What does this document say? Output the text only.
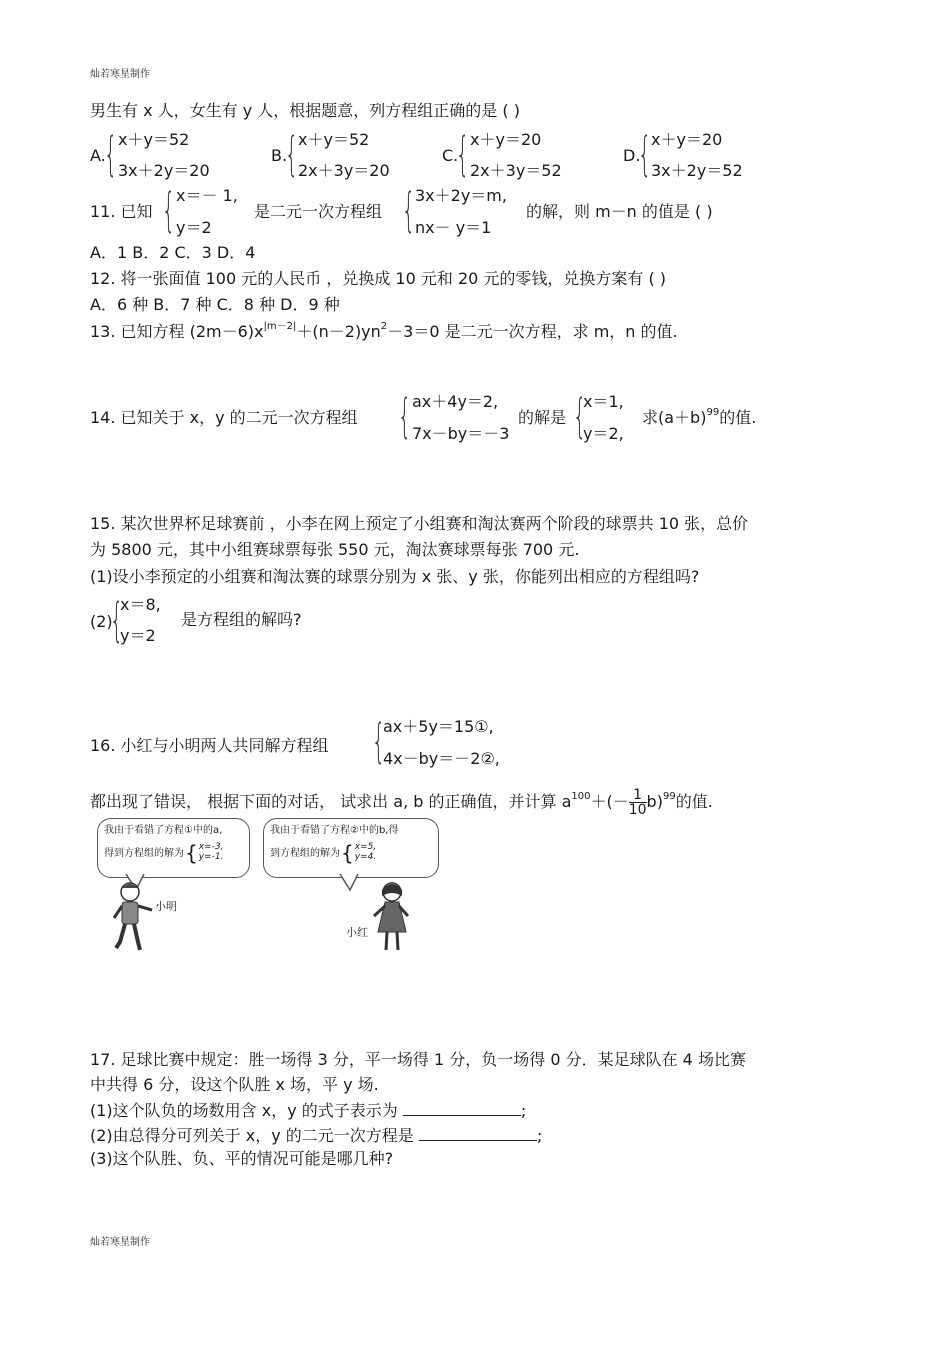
灿若寒星制作
灿若寒星制作
男生有 x 人，女生有 y 人，根据题意，列方程组正确的是 ( )
A.
{ x＋y＝52
3x＋2y＝20
B.
{ x＋y＝52
2x＋3y＝20
C.
{ x＋y＝20
2x＋3y＝52
D.
{ x＋y＝20
3x＋2y＝52
11. 已知 { x＝－ 1,
y＝2
是二元一次方程组 { 3x＋2y＝m,
nx－ y＝1
的解，则 m－n 的值是 ( )
A．1 B．2 C．3 D．4
12. 将一张面值 100 元的人民币 ，兑换成 10 元和 20 元的零钱，兑换方案有 ( )
A．6 种 B．7 种 C．8 种 D．9 种
13. 已知方程 $(2m-6)x^{|m-2|}+(n-2)yn^2-3=0$ 是二元一次方程，求 m，n 的值.
14. 已知关于 x，y 的二元一次方程组 { ax＋4y＝2,
7x－by＝－3
的解是 {
x＝1,
y＝2,
求$(a+b)^{99}$的值.
15. 某次世界杯足球赛前 ，小李在网上预定了小组赛和淘汰赛两个阶段的球票共 10 张，总价
为 5800 元，其中小组赛球票每张 550 元，淘汰赛球票每张 700 元.
(1)设小李预定的小组赛和淘汰赛的球票分别为 x 张、y 张，你能列出相应的方程组吗?
(2)
{
x＝8,
y＝2
是方程组的解吗?
16. 小红与小明两人共同解方程组 {
ax＋5y＝15①,
4x－by＝－2②,
都出现了错误， 根据下面的对话， 试求出 a, b 的正确值，并计算 $a^{100}+(- \frac{1}{10} b)^{99}$的值.
我由于看错了方程①中的a,
得到方程组的解为 { x=-3,
y=-1.
我由于看错了方程②中的b,得
到方程组的解为 { x=5,
y=4.
小明
小红
17. 足球比赛中规定：胜一场得 3 分，平一场得 1 分，负一场得 0 分．某足球队在 4 场比赛
中共得 6 分，设这个队胜 x 场，平 y 场.
(1)这个队负的场数用含 x，y 的式子表示为	;
(2)由总得分可列关于 x，y 的二元一次方程是	;
(3)这个队胜、负、平的情况可能是哪几种?
